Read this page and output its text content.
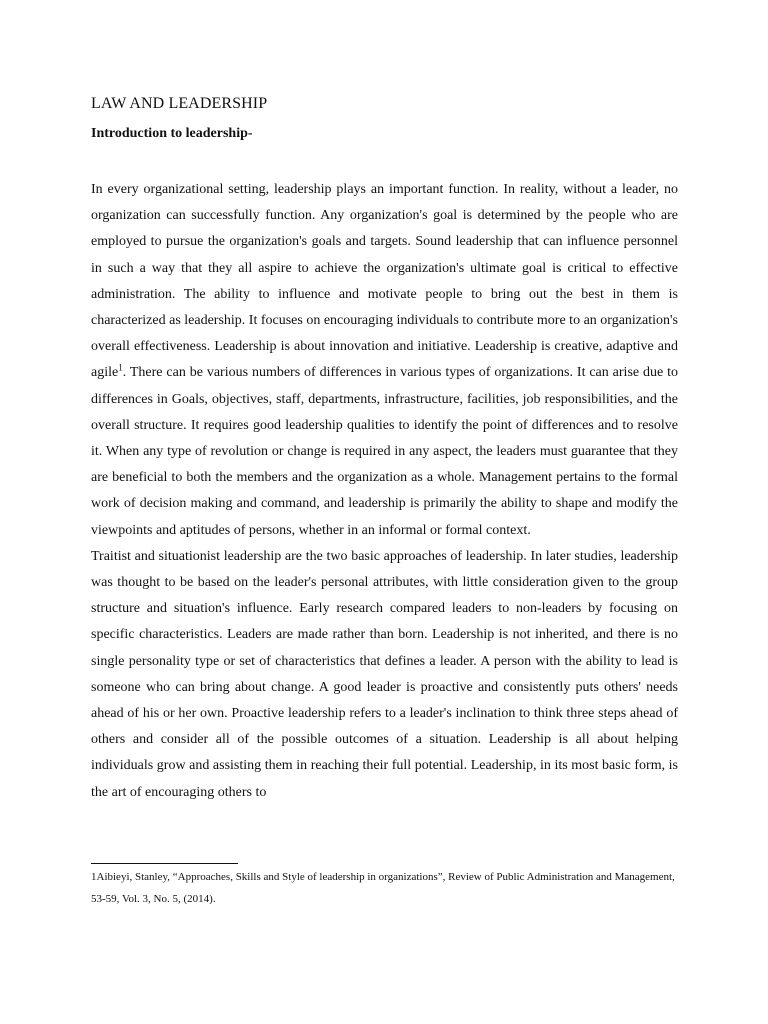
LAW AND LEADERSHIP
Introduction to leadership-

In every organizational setting, leadership plays an important function. In reality, without a leader, no organization can successfully function. Any organization's goal is determined by the people who are employed to pursue the organization's goals and targets. Sound leadership that can influence personnel in such a way that they all aspire to achieve the organization's ultimate goal is critical to effective administration. The ability to influence and motivate people to bring out the best in them is characterized as leadership. It focuses on encouraging individuals to contribute more to an organization's overall effectiveness. Leadership is about innovation and initiative. Leadership is creative, adaptive and agile$^1$. There can be various numbers of differences in various types of organizations. It can arise due to differences in Goals, objectives, staff, departments, infrastructure, facilities, job responsibilities, and the overall structure. It requires good leadership qualities to identify the point of differences and to resolve it. When any type of revolution or change is required in any aspect, the leaders must guarantee that they are beneficial to both the members and the organization as a whole. Management pertains to the formal work of decision making and command, and leadership is primarily the ability to shape and modify the viewpoints and aptitudes of persons, whether in an informal or formal context.

Traitist and situationist leadership are the two basic approaches of leadership. In later studies, leadership was thought to be based on the leader's personal attributes, with little consideration given to the group structure and situation's influence. Early research compared leaders to non-leaders by focusing on specific characteristics. Leaders are made rather than born. Leadership is not inherited, and there is no single personality type or set of characteristics that defines a leader. A person with the ability to lead is someone who can bring about change. A good leader is proactive and consistently puts others' needs ahead of his or her own. Proactive leadership refers to a leader's inclination to think three steps ahead of others and consider all of the possible outcomes of a situation. Leadership is all about helping individuals grow and assisting them in reaching their full potential. Leadership, in its most basic form, is the art of encouraging others to

1Aibieyi, Stanley, “Approaches, Skills and Style of leadership in organizations”, Review of Public Administration and Management, 53-59, Vol. 3, No. 5, (2014).
